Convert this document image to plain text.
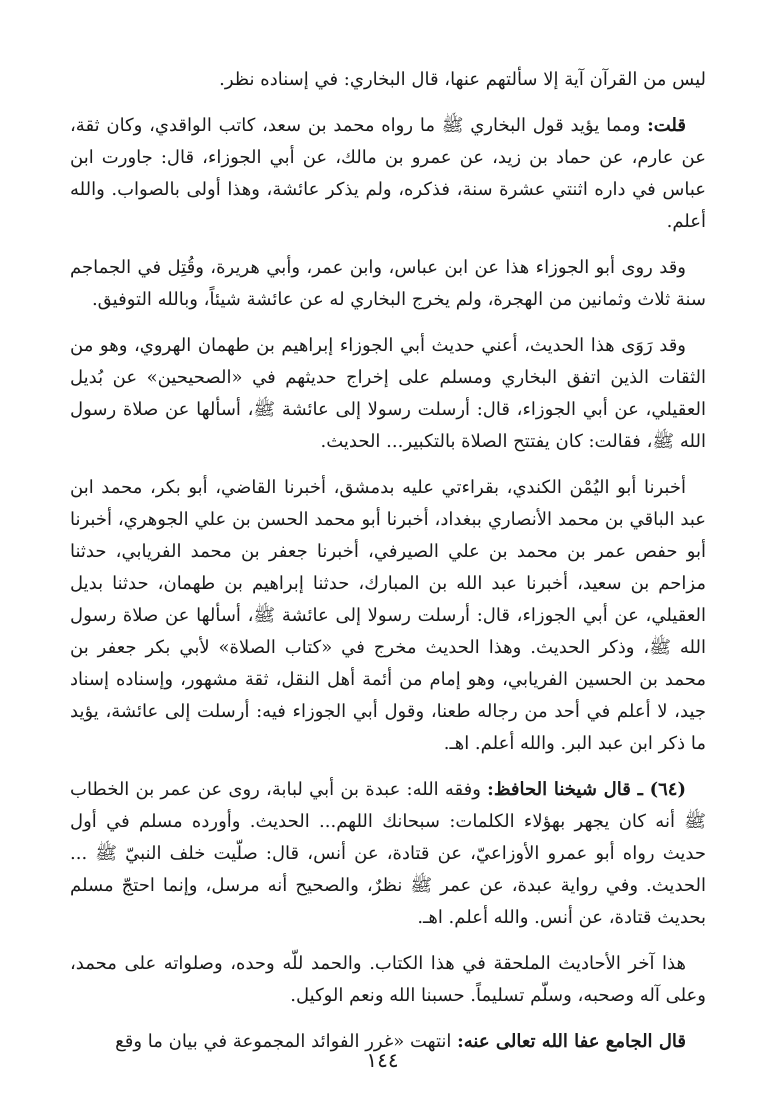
ليس من القرآن آية إلا سألتهم عنها، قال البخاري: في إسناده نظر.

قلت: ومما يؤيد قول البخاري ﷺ ما رواه محمد بن سعد، كاتب الواقدي، وكان ثقة، عن عارم، عن حماد بن زيد، عن عمرو بن مالك، عن أبي الجوزاء، قال: جاورت ابن عباس في داره اثنتي عشرة سنة، فذكره، ولم يذكر عائشة، وهذا أولى بالصواب. والله أعلم.

وقد روى أبو الجوزاء هذا عن ابن عباس، وابن عمر، وأبي هريرة، وقُتِل في الجماجم سنة ثلاث وثمانين من الهجرة، ولم يخرج البخاري له عن عائشة شيئاً، وبالله التوفيق.

وقد رَوَى هذا الحديث، أعني حديث أبي الجوزاء إبراهيم بن طهمان الهروي، وهو من الثقات الذين اتفق البخاري ومسلم على إخراج حديثهم في «الصحيحين» عن بُديل العقيلي، عن أبي الجوزاء، قال: أرسلت رسولا إلى عائشة ﷺ، أسألها عن صلاة رسول الله ﷺ، فقالت: كان يفتتح الصلاة بالتكبير... الحديث.

أخبرنا أبو اليُمْن الكندي، بقراءتي عليه بدمشق، أخبرنا القاضي، أبو بكر، محمد ابن عبد الباقي بن محمد الأنصاري ببغداد، أخبرنا أبو محمد الحسن بن علي الجوهري، أخبرنا أبو حفص عمر بن محمد بن علي الصيرفي، أخبرنا جعفر بن محمد الفريابي، حدثنا مزاحم بن سعيد، أخبرنا عبد الله بن المبارك، حدثنا إبراهيم بن طهمان، حدثنا بديل العقيلي، عن أبي الجوزاء، قال: أرسلت رسولا إلى عائشة ﷺ، أسألها عن صلاة رسول الله ﷺ، وذكر الحديث. وهذا الحديث مخرج في «كتاب الصلاة» لأبي بكر جعفر بن محمد بن الحسين الفريابي، وهو إمام من أئمة أهل النقل، ثقة مشهور، وإسناده إسناد جيد، لا أعلم في أحد من رجاله طعنا، وقول أبي الجوزاء فيه: أرسلت إلى عائشة، يؤيد ما ذكر ابن عبد البر. والله أعلم. اهـ.

(٦٤) ـ قال شيخنا الحافظ: وفقه الله: عبدة بن أبي لبابة، روى عن عمر بن الخطاب ﷺ أنه كان يجهر بهؤلاء الكلمات: سبحانك اللهم... الحديث. وأورده مسلم في أول حديث رواه أبو عمرو الأوزاعيّ، عن قتادة، عن أنس، قال: صلّيت خلف النبيّ ﷺ ... الحديث. وفي رواية عبدة، عن عمر ﷺ نظرٌ، والصحيح أنه مرسل، وإنما احتجّ مسلم بحديث قتادة، عن أنس. والله أعلم. اهـ.

هذا آخر الأحاديث الملحقة في هذا الكتاب. والحمد للّه وحده، وصلواته على محمد، وعلى آله وصحبه، وسلّم تسليماً. حسبنا الله ونعم الوكيل.

قال الجامع عفا الله تعالى عنه: انتهت «غرر الفوائد المجموعة في بيان ما وقع

١٤٤
